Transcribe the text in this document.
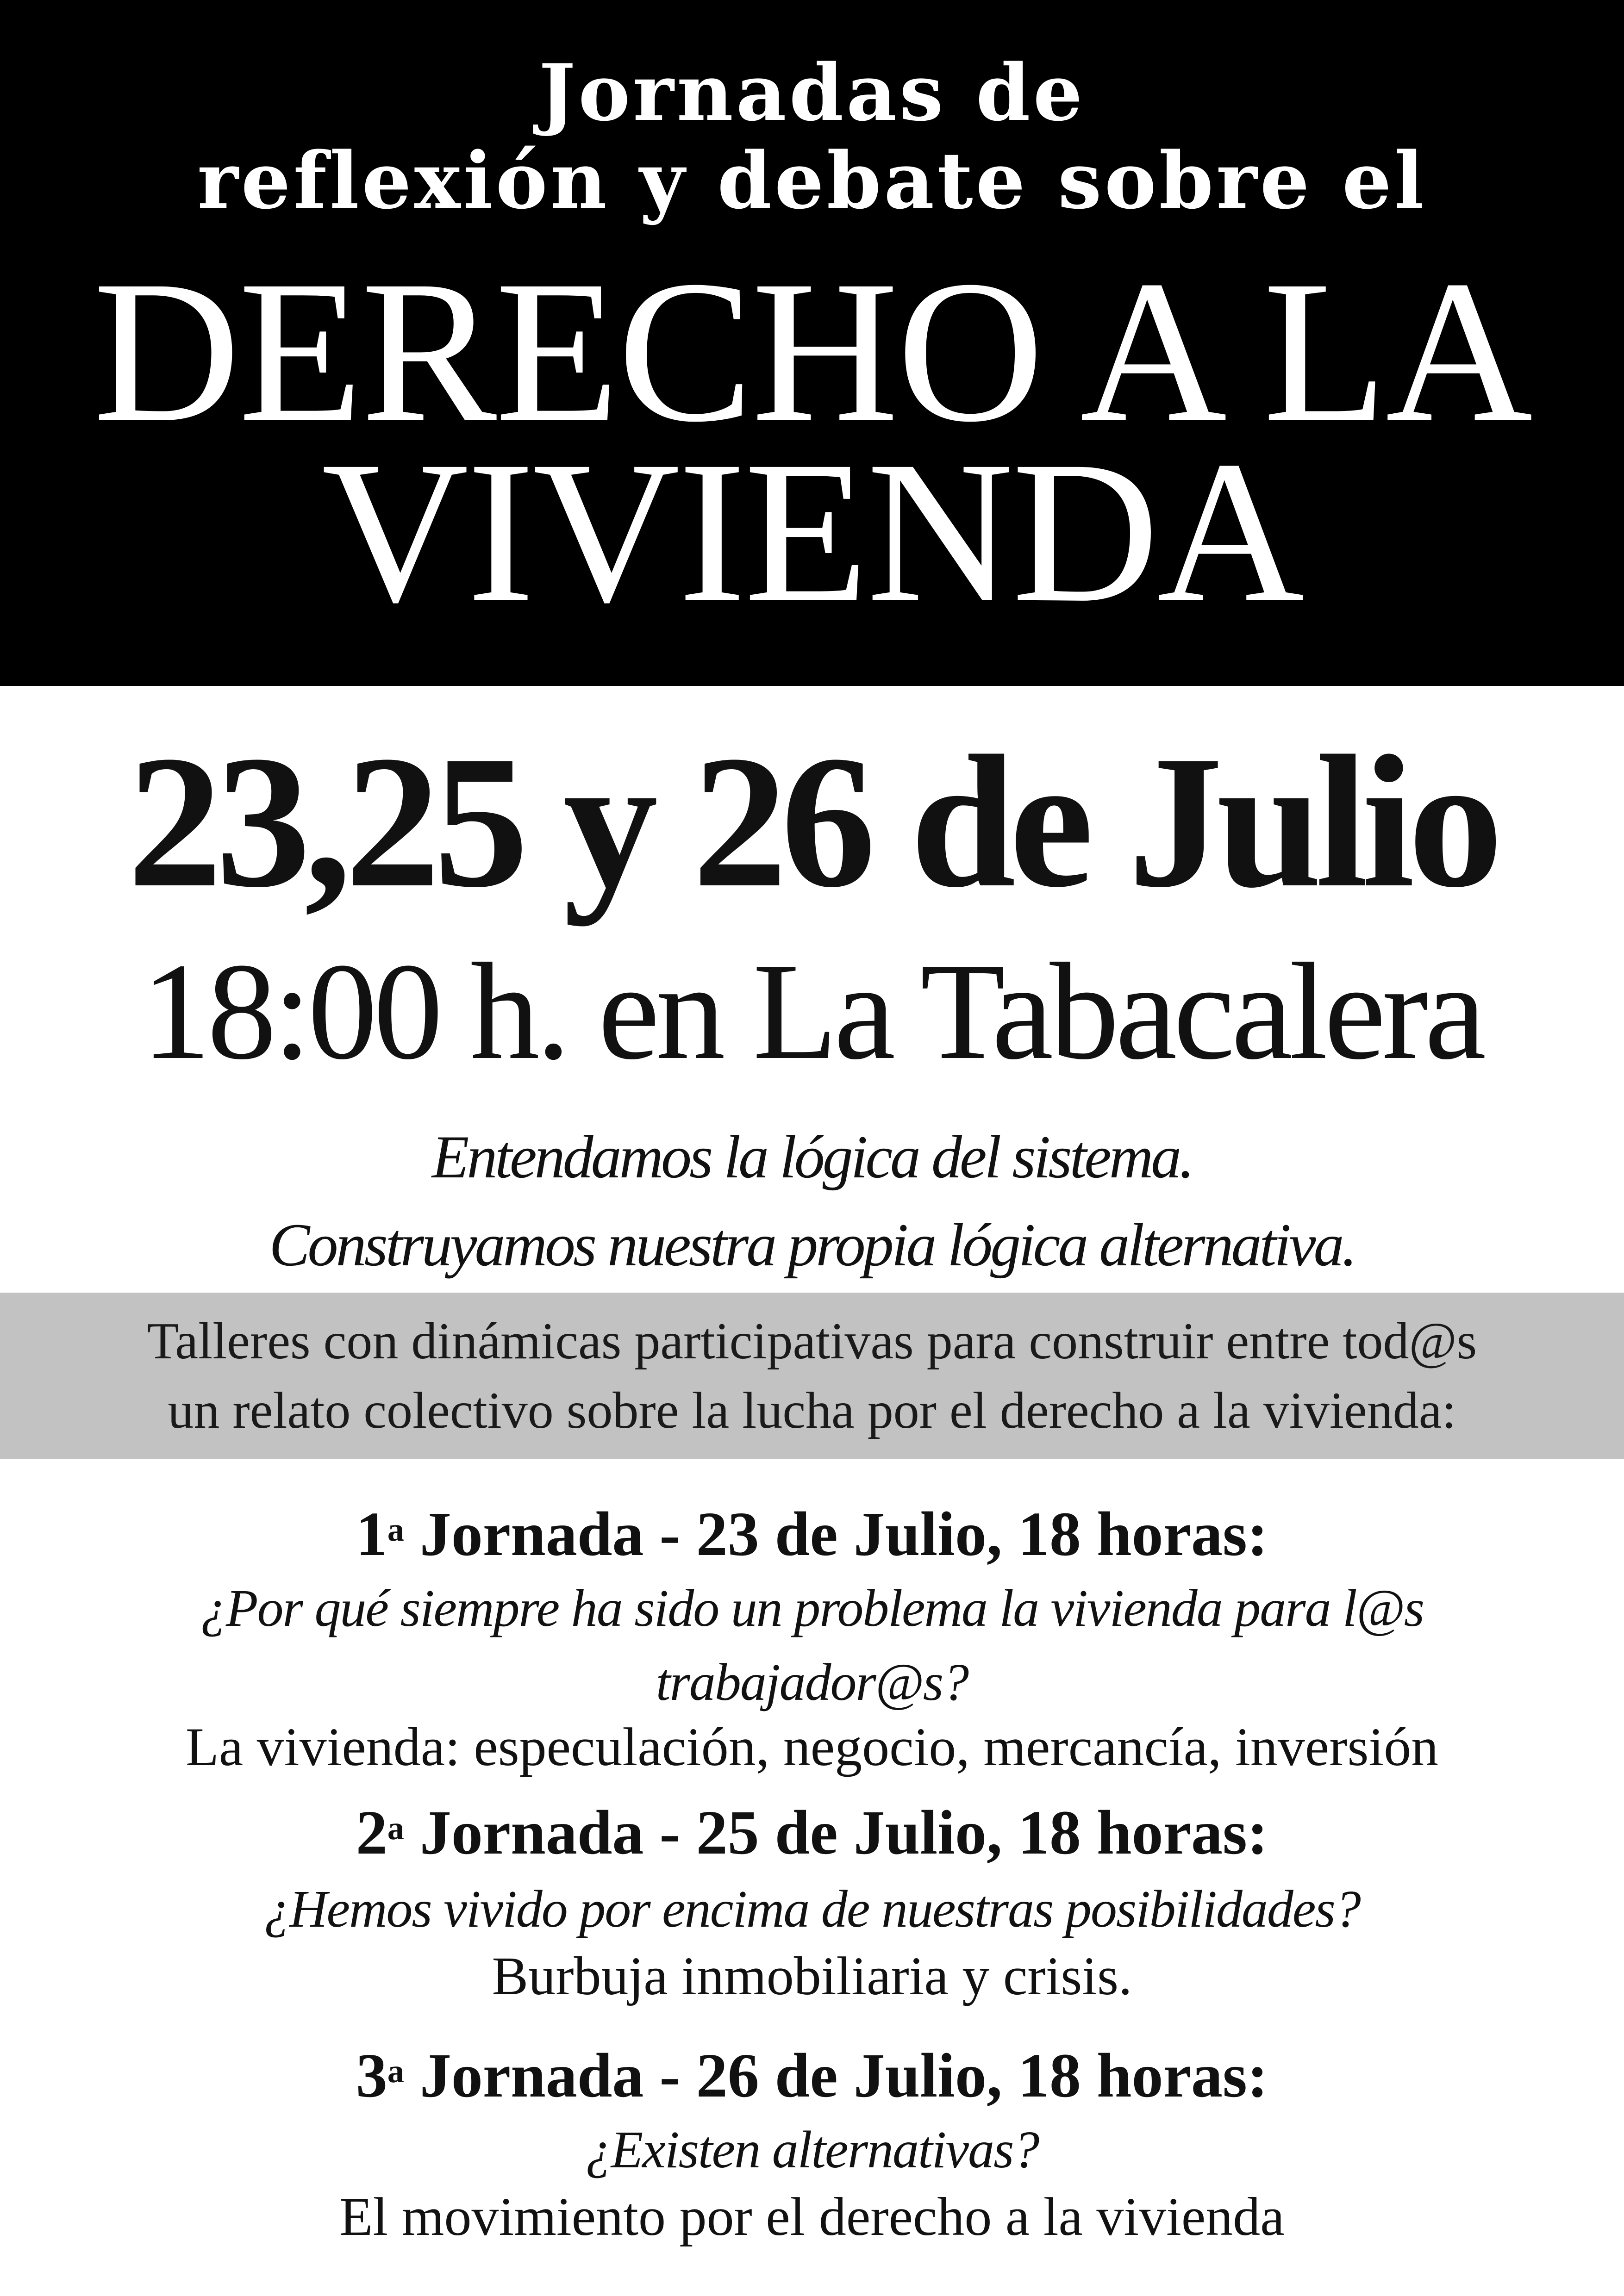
Jornadas de
reflexión y debate sobre el
DERECHO A LA
VIVIENDA
23,25 y 26 de Julio
18:00 h. en La Tabacalera
Entendamos la lógica del sistema.
Construyamos nuestra propia lógica alternativa.
Talleres con dinámicas participativas para construir entre tod@s
un relato colectivo sobre la lucha por el derecho a la vivienda:
1$^a$ Jornada - 23 de Julio, 18 horas:
¿Por qué siempre ha sido un problema la vivienda para l@s
trabajador@s?
La vivienda: especulación, negocio, mercancía, inversión
2$^a$ Jornada - 25 de Julio, 18 horas:
¿Hemos vivido por encima de nuestras posibilidades?
Burbuja inmobiliaria y crisis.
3$^a$ Jornada - 26 de Julio, 18 horas:
¿Existen alternativas?
El movimiento por el derecho a la vivienda
